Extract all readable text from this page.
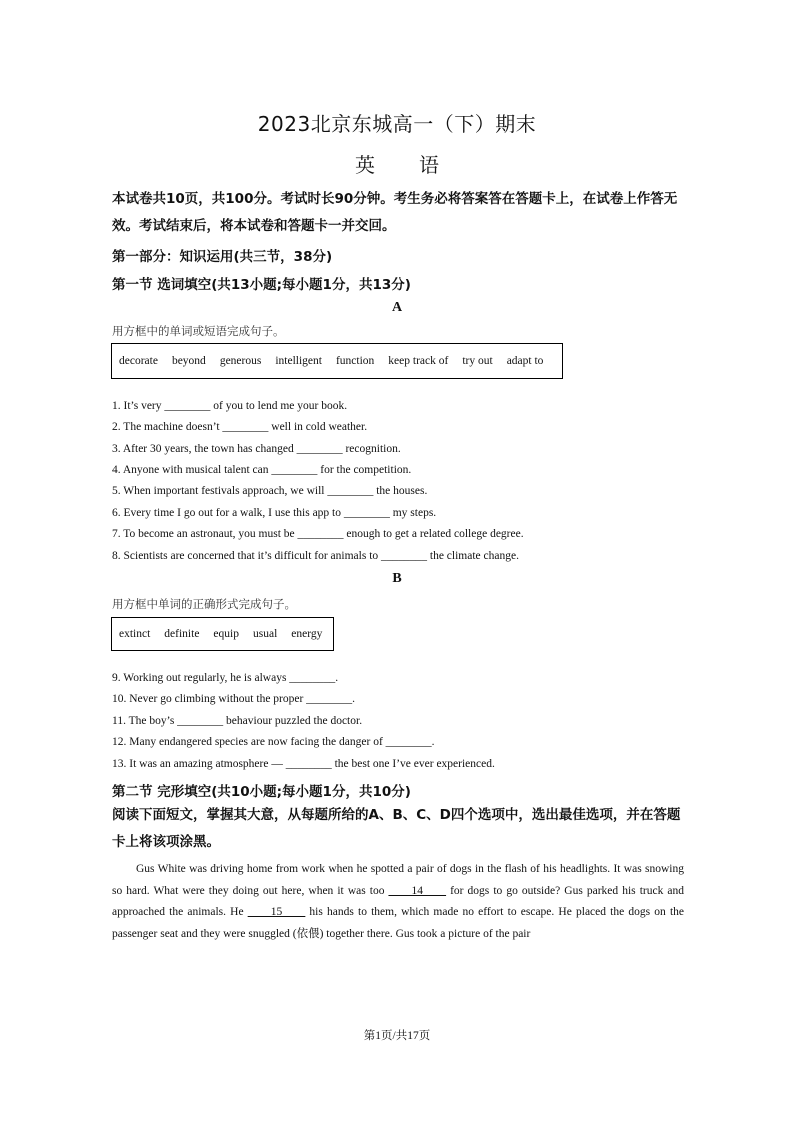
2023北京东城高一（下）期末
英 语
本试卷共10页，共100分。考试时长90分钟。考生务必将答案答在答题卡上，在试卷上作答无效。考试结束后，将本试卷和答题卡一并交回。
第一部分：知识运用(共三节，38分)
第一节 选词填空(共13小题;每小题1分，共13分)
A
用方框中的单词或短语完成句子。
decorate beyond generous intelligent function keep track of try out adapt to
1. It’s very ________ of you to lend me your book.
2. The machine doesn’t ________ well in cold weather.
3. After 30 years, the town has changed ________ recognition.
4. Anyone with musical talent can ________ for the competition.
5. When important festivals approach, we will ________ the houses.
6. Every time I go out for a walk, I use this app to ________ my steps.
7. To become an astronaut, you must be ________ enough to get a related college degree.
8. Scientists are concerned that it’s difficult for animals to ________ the climate change.
B
用方框中单词的正确形式完成句子。
extinct definite equip usual energy
9. Working out regularly, he is always ________.
10. Never go climbing without the proper ________.
11. The boy’s ________ behaviour puzzled the doctor.
12. Many endangered species are now facing the danger of ________.
13. It was an amazing atmosphere — ________ the best one I’ve ever experienced.
第二节 完形填空(共10小题;每小题1分，共10分)
阅读下面短文，掌握其大意，从每题所给的A、B、C、D四个选项中，选出最佳选项，并在答题卡上将该项涂黑。

Gus White was driving home from work when he spotted a pair of dogs in the flash of his headlights. It was snowing so hard. What were they doing out here, when it was too ____14____ for dogs to go outside? Gus parked his truck and approached the animals. He ____15____ his hands to them, which made no effort to escape. He placed the dogs on the passenger seat and they were snuggled (依偎) together there. Gus took a picture of the pair

第1页/共17页
